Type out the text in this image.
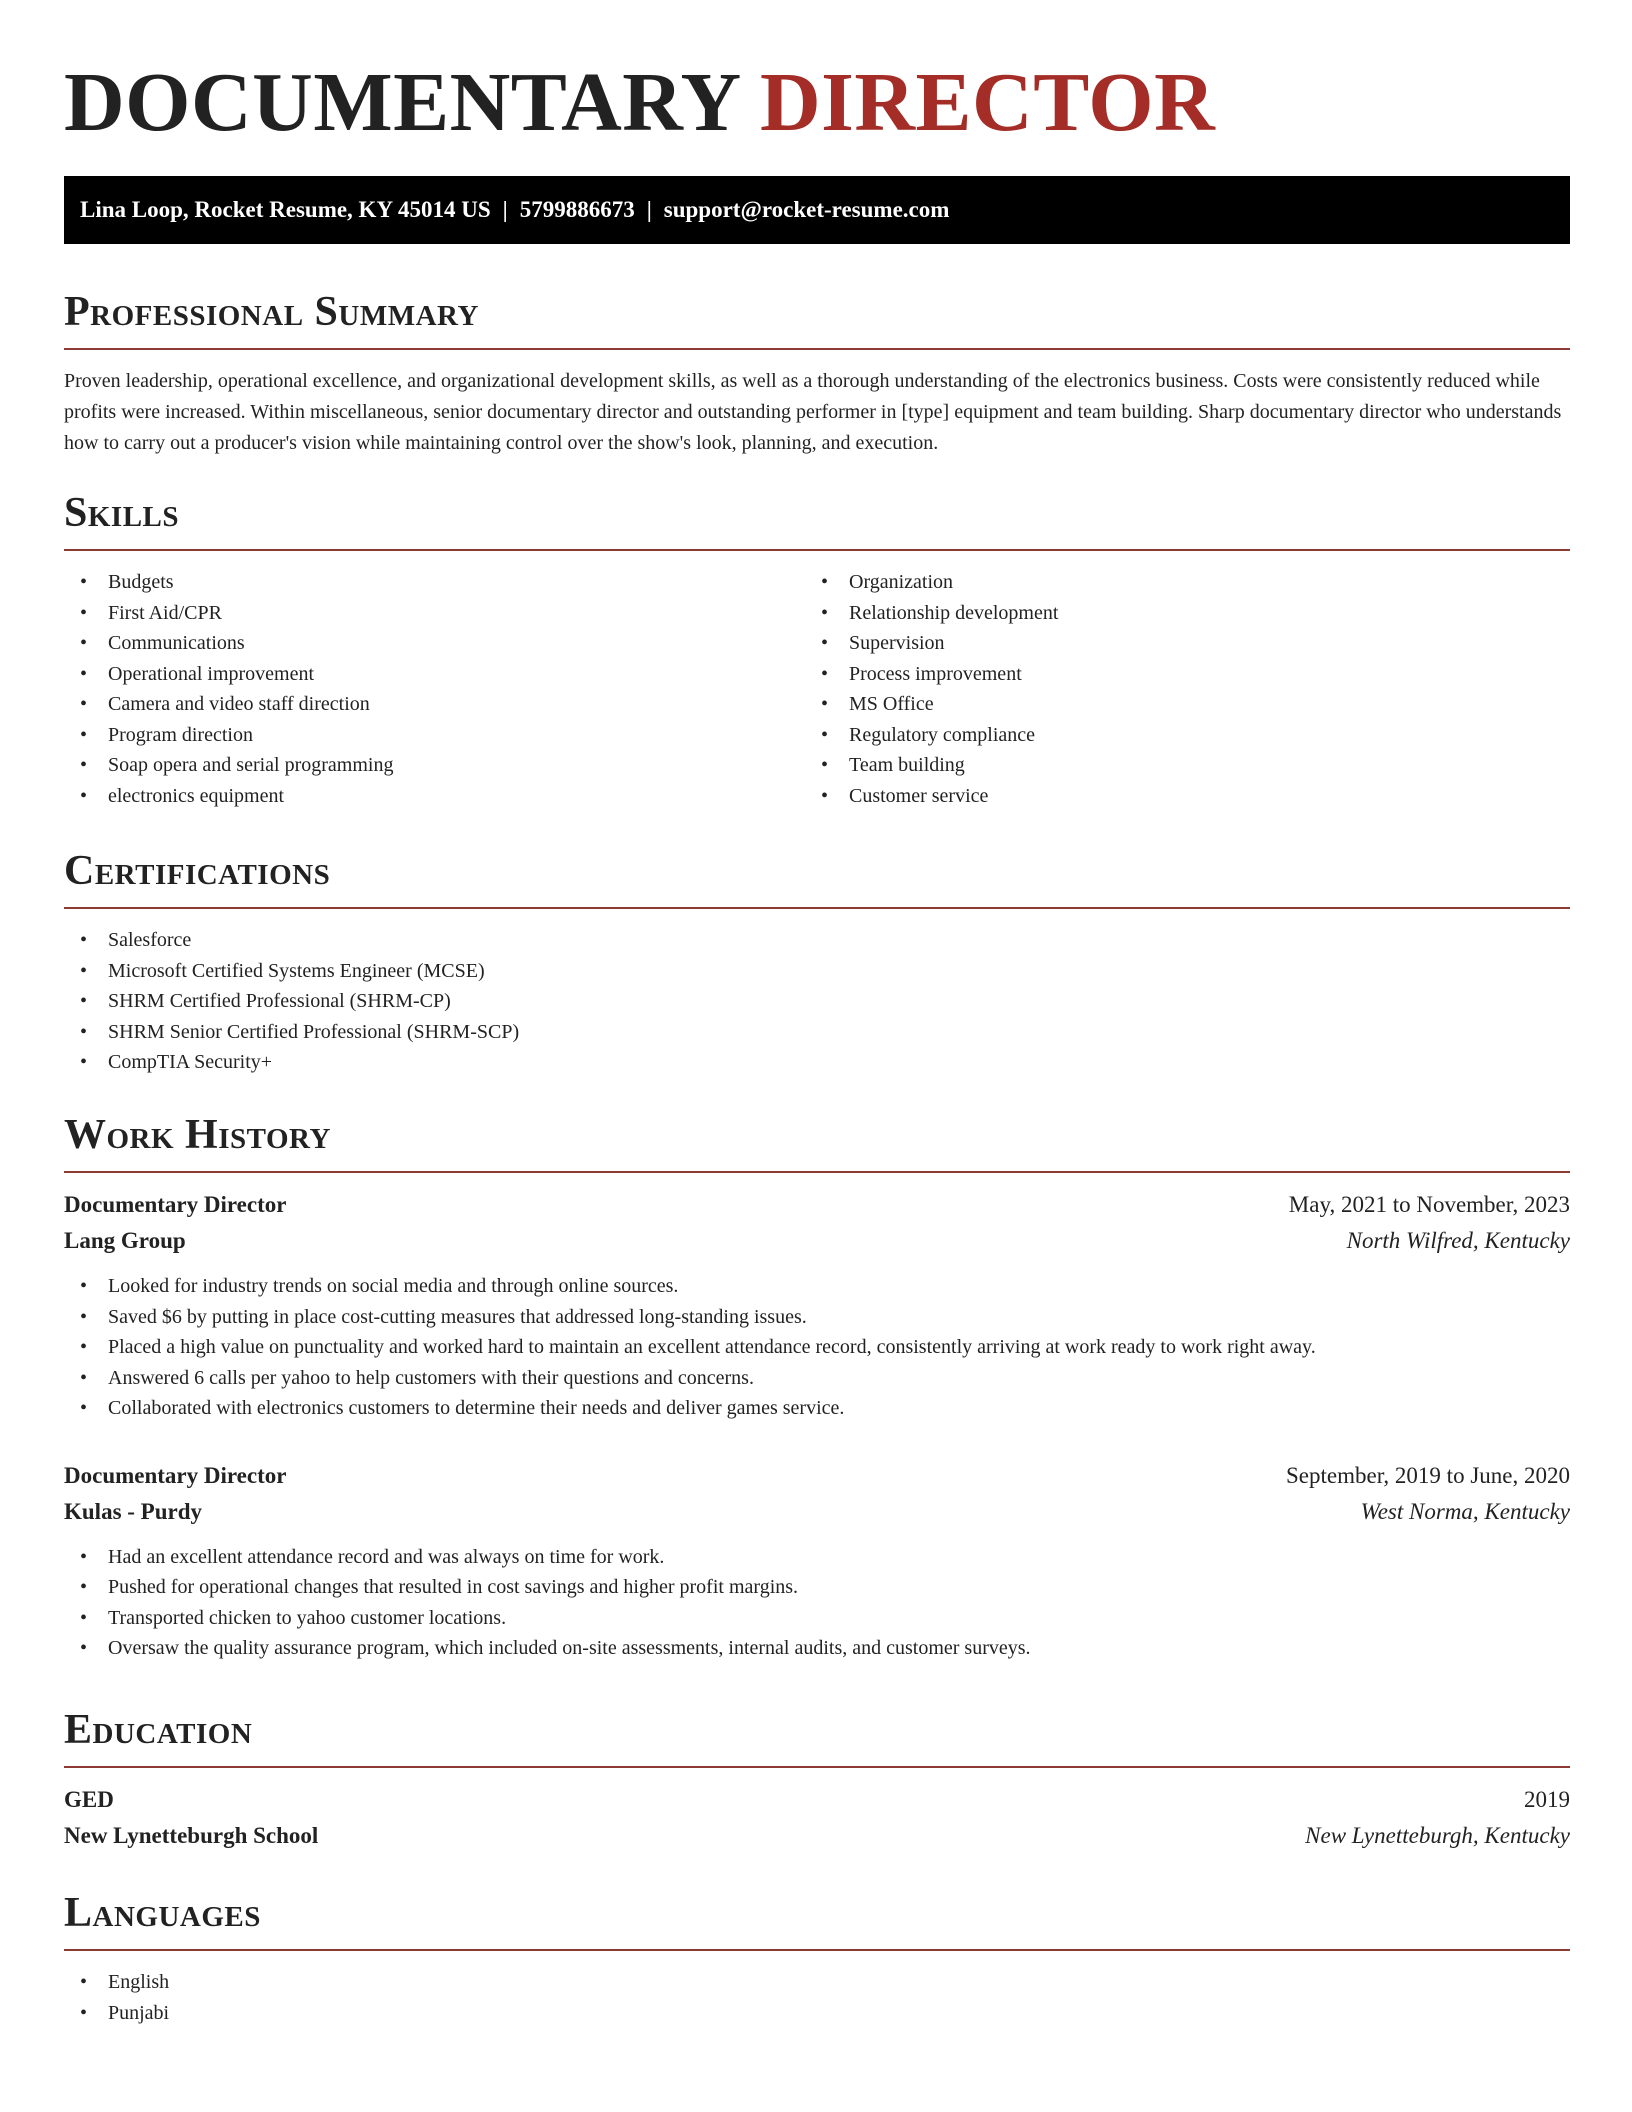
DOCUMENTARY DIRECTOR
Lina Loop, Rocket Resume, KY 45014 US | 5799886673 | support@rocket-resume.com
Professional Summary
Proven leadership, operational excellence, and organizational development skills, as well as a thorough understanding of the electronics business. Costs were consistently reduced while profits were increased. Within miscellaneous, senior documentary director and outstanding performer in [type] equipment and team building. Sharp documentary director who understands how to carry out a producer's vision while maintaining control over the show's look, planning, and execution.
Skills
• Budgets
• First Aid/CPR
• Communications
• Operational improvement
• Camera and video staff direction
• Program direction
• Soap opera and serial programming
• electronics equipment
• Organization
• Relationship development
• Supervision
• Process improvement
• MS Office
• Regulatory compliance
• Team building
• Customer service
Certifications
• Salesforce
• Microsoft Certified Systems Engineer (MCSE)
• SHRM Certified Professional (SHRM-CP)
• SHRM Senior Certified Professional (SHRM-SCP)
• CompTIA Security+
Work History
Documentary Director	May, 2021 to November, 2023
Lang Group	North Wilfred, Kentucky
• Looked for industry trends on social media and through online sources.
• Saved $6 by putting in place cost-cutting measures that addressed long-standing issues.
• Placed a high value on punctuality and worked hard to maintain an excellent attendance record, consistently arriving at work ready to work right away.
• Answered 6 calls per yahoo to help customers with their questions and concerns.
• Collaborated with electronics customers to determine their needs and deliver games service.
Documentary Director	September, 2019 to June, 2020
Kulas - Purdy	West Norma, Kentucky
• Had an excellent attendance record and was always on time for work.
• Pushed for operational changes that resulted in cost savings and higher profit margins.
• Transported chicken to yahoo customer locations.
• Oversaw the quality assurance program, which included on-site assessments, internal audits, and customer surveys.
Education
GED	2019
New Lynetteburgh School	New Lynetteburgh, Kentucky
Languages
• English
• Punjabi
